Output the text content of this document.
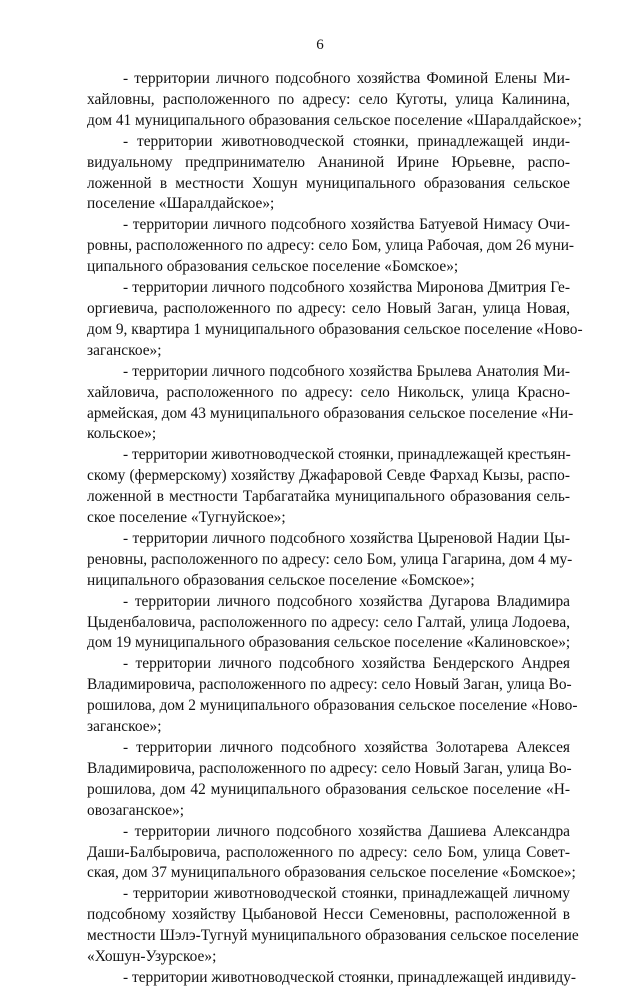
6
- территории личного подсобного хозяйства Фоминой Елены Ми-
хайловны, расположенного по адресу: село Куготы, улица Калинина,
дом 41 муниципального образования сельское поселение «Шаралдайское»;
- территории животноводческой стоянки, принадлежащей инди-
видуальному предпринимателю Ананиной Ирине Юрьевне, распо-
ложенной в местности Хошун муниципального образования сельское
поселение «Шаралдайское»;
- территории личного подсобного хозяйства Батуевой Нимасу Очи-
ровны, расположенного по адресу: село Бом, улица Рабочая, дом 26 муни-
ципального образования сельское поселение «Бомское»;
- территории личного подсобного хозяйства Миронова Дмитрия Ге-
оргиевича, расположенного по адресу: село Новый Заган, улица Новая,
дом 9, квартира 1 муниципального образования сельское поселение «Ново-
заганское»;
- территории личного подсобного хозяйства Брылева Анатолия Ми-
хайловича, расположенного по адресу: село Никольск, улица Красно-
армейская, дом 43 муниципального образования сельское поселение «Ни-
кольское»;
- территории животноводческой стоянки, принадлежащей крестьян-
скому (фермерскому) хозяйству Джафаровой Севде Фархад Кызы, распо-
ложенной в местности Тарбагатайка муниципального образования сель-
ское поселение «Тугнуйское»;
- территории личного подсобного хозяйства Цыреновой Надии Цы-
реновны, расположенного по адресу: село Бом, улица Гагарина, дом 4 му-
ниципального образования сельское поселение «Бомское»;
- территории личного подсобного хозяйства Дугарова Владимира
Цыденбаловича, расположенного по адресу: село Галтай, улица Лодоева,
дом 19 муниципального образования сельское поселение «Калиновское»;
- территории личного подсобного хозяйства Бендерского Андрея
Владимировича, расположенного по адресу: село Новый Заган, улица Во-
рошилова, дом 2 муниципального образования сельское поселение «Ново-
заганское»;
- территории личного подсобного хозяйства Золотарева Алексея
Владимировича, расположенного по адресу: село Новый Заган, улица Во-
рошилова, дом 42 муниципального образования сельское поселение «Н-
овозаганское»;
- территории личного подсобного хозяйства Дашиева Александра
Даши-Балбыровича, расположенного по адресу: село Бом, улица Совет-
ская, дом 37 муниципального образования сельское поселение «Бомское»;
- территории животноводческой стоянки, принадлежащей личному
подсобному хозяйству Цыбановой Несси Семеновны, расположенной в
местности Шэлэ-Тугнуй муниципального образования сельское поселение
«Хошун-Узурское»;
- территории животноводческой стоянки, принадлежащей индивиду-
